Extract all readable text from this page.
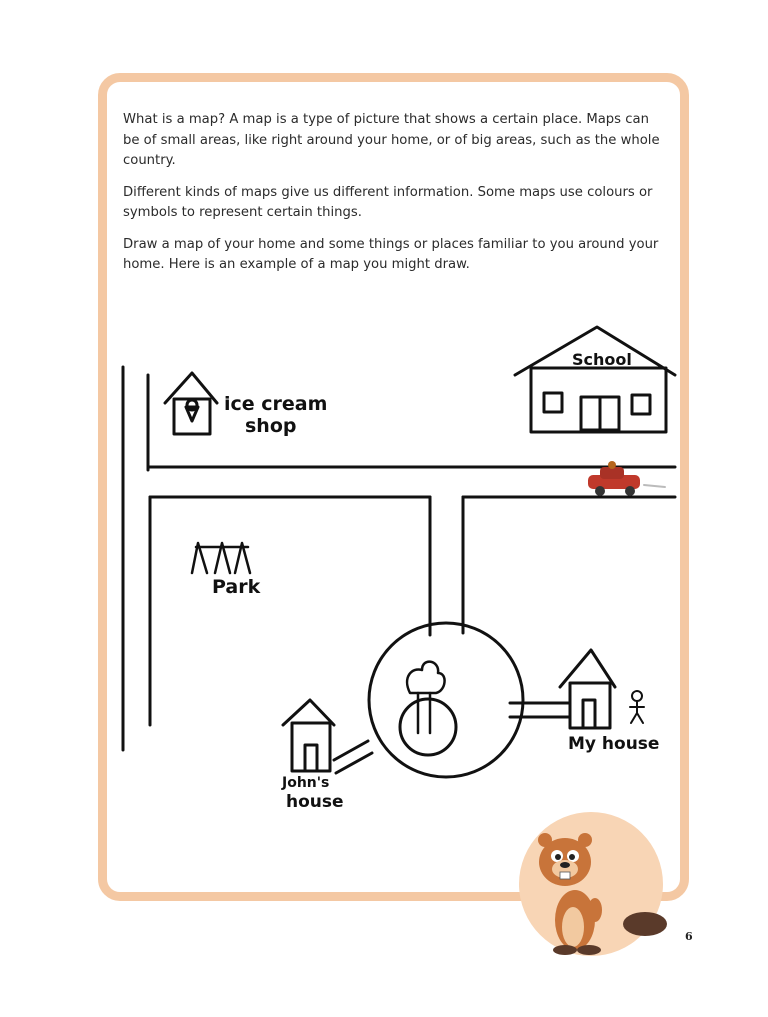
What is a map? A map is a type of picture that shows a certain place. Maps can be of small areas, like right around your home, or of big areas, such as the whole country.

Different kinds of maps give us different information. Some maps use colours or symbols to represent certain things.

Draw a map of your home and some things or places familiar to you around your home. Here is an example of a map you might draw.

ice cream
shop
School
Park
My house
John's
house
6
